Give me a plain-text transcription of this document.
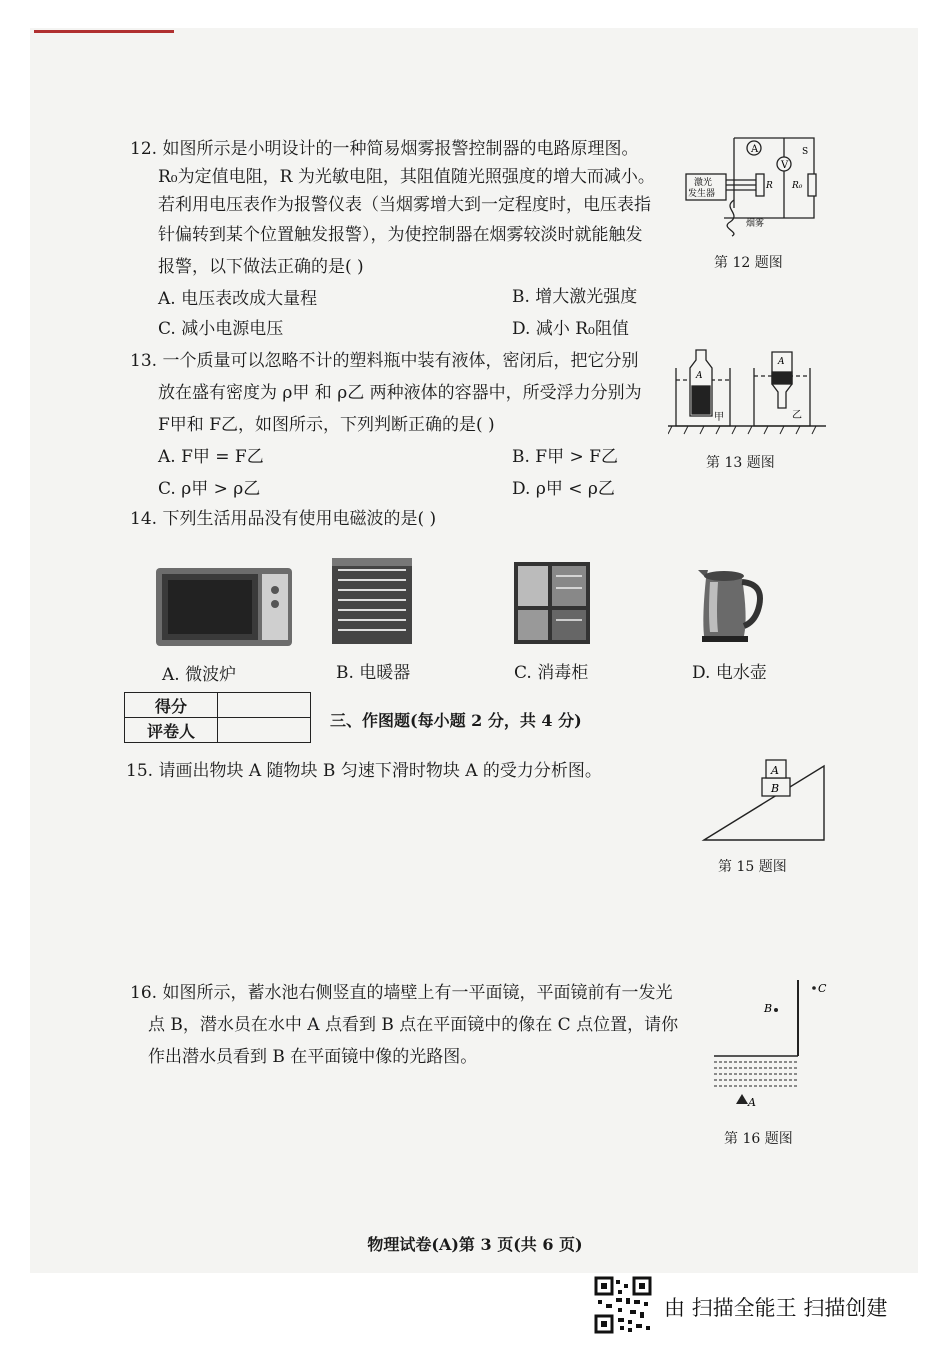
12. 如图所示是小明设计的一种简易烟雾报警控制器的电路原理图。
R₀为定值电阻，R 为光敏电阻，其阻值随光照强度的增大而减小。
若利用电压表作为报警仪表（当烟雾增大到一定程度时，电压表指
针偏转到某个位置触发报警），为使控制器在烟雾较淡时就能触发
报警，以下做法正确的是( )
A. 电压表改成大量程	B. 增大激光强度
C. 减小电源电压	D. 减小 R₀阻值
A
V
S
R R₀
激光
发生器
烟雾
第 12 题图
13. 一个质量可以忽略不计的塑料瓶中装有液体，密闭后，把它分别
放在盛有密度为 ρ甲 和 ρ乙 两种液体的容器中，所受浮力分别为
F甲和 F乙，如图所示，下列判断正确的是( )
A. F甲 = F乙	B. F甲 > F乙
C. ρ甲 > ρ乙	D. ρ甲 < ρ乙
A
A
甲	乙
第 13 题图
14. 下列生活用品没有使用电磁波的是( )
A. 微波炉	B. 电暖器	C. 消毒柜	D. 电水壶
得分	
评卷人	
三、作图题(每小题 2 分，共 4 分)
15. 请画出物块 A 随物块 B 匀速下滑时物块 A 的受力分析图。	A
B
第 15 题图
16. 如图所示，蓄水池右侧竖直的墙壁上有一平面镜，平面镜前有一发光
点 B，潜水员在水中 A 点看到 B 点在平面镜中的像在 C 点位置，请你
作出潜水员看到 B 在平面镜中像的光路图。
B
C
A
第 16 题图
物理试卷(A)第 3 页(共 6 页)
由 扫描全能王 扫描创建
